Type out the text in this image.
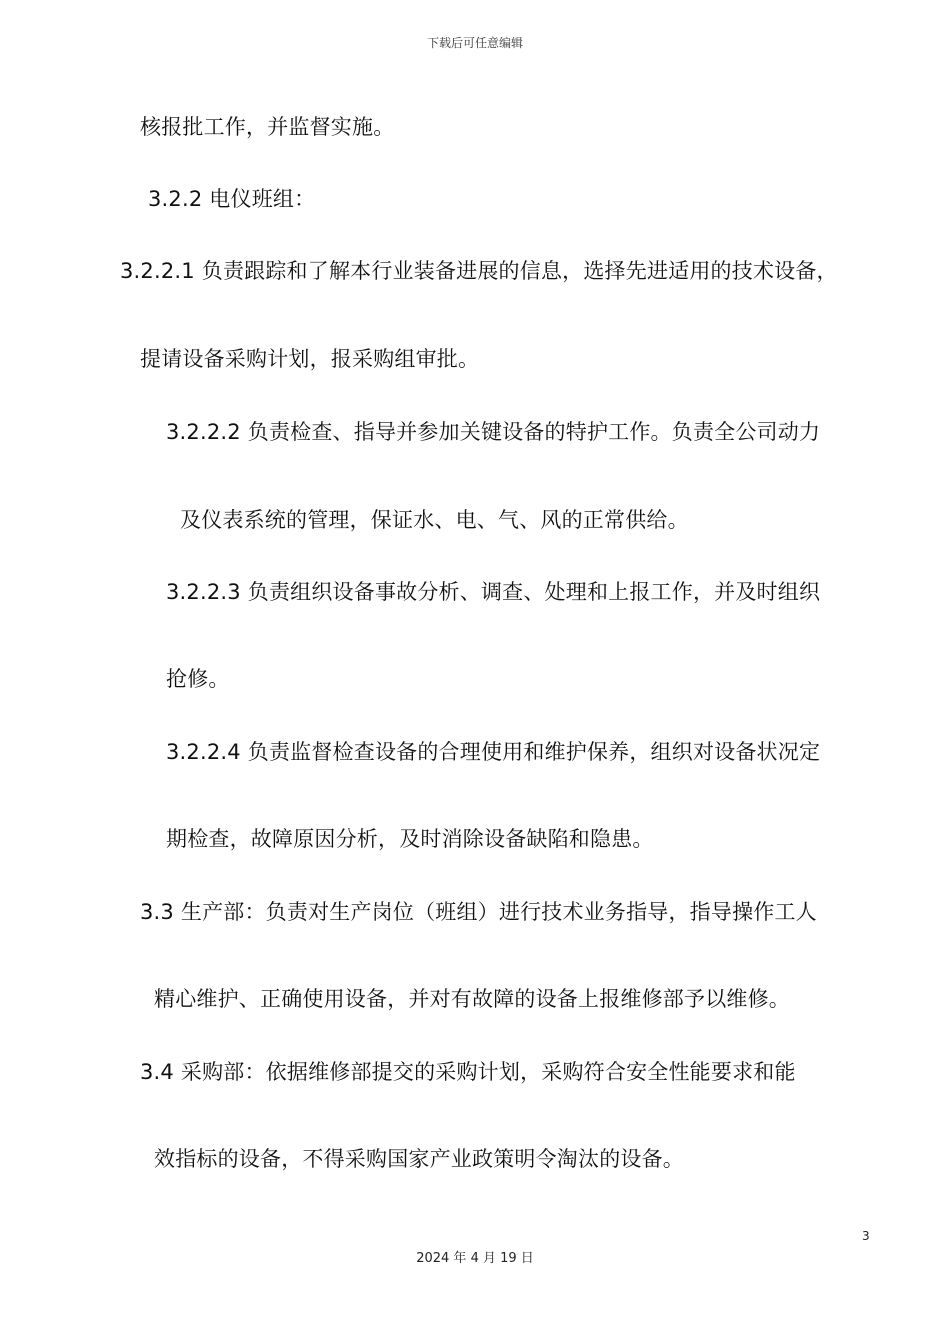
下载后可任意编辑
核报批工作，并监督实施。
3.2.2 电仪班组：
3.2.2.1 负责跟踪和了解本行业装备进展的信息，选择先进适用的技术设备，
提请设备采购计划，报采购组审批。
3.2.2.2 负责检查、指导并参加关键设备的特护工作。负责全公司动力
及仪表系统的管理，保证水、电、气、风的正常供给。
3.2.2.3 负责组织设备事故分析、调查、处理和上报工作，并及时组织
抢修。
3.2.2.4 负责监督检查设备的合理使用和维护保养，组织对设备状况定
期检查，故障原因分析，及时消除设备缺陷和隐患。
3.3 生产部：负责对生产岗位（班组）进行技术业务指导，指导操作工人
精心维护、正确使用设备，并对有故障的设备上报维修部予以维修。
3.4 采购部：依据维修部提交的采购计划，采购符合安全性能要求和能
效指标的设备，不得采购国家产业政策明令淘汰的设备。
3
2024 年 4 月 19 日
